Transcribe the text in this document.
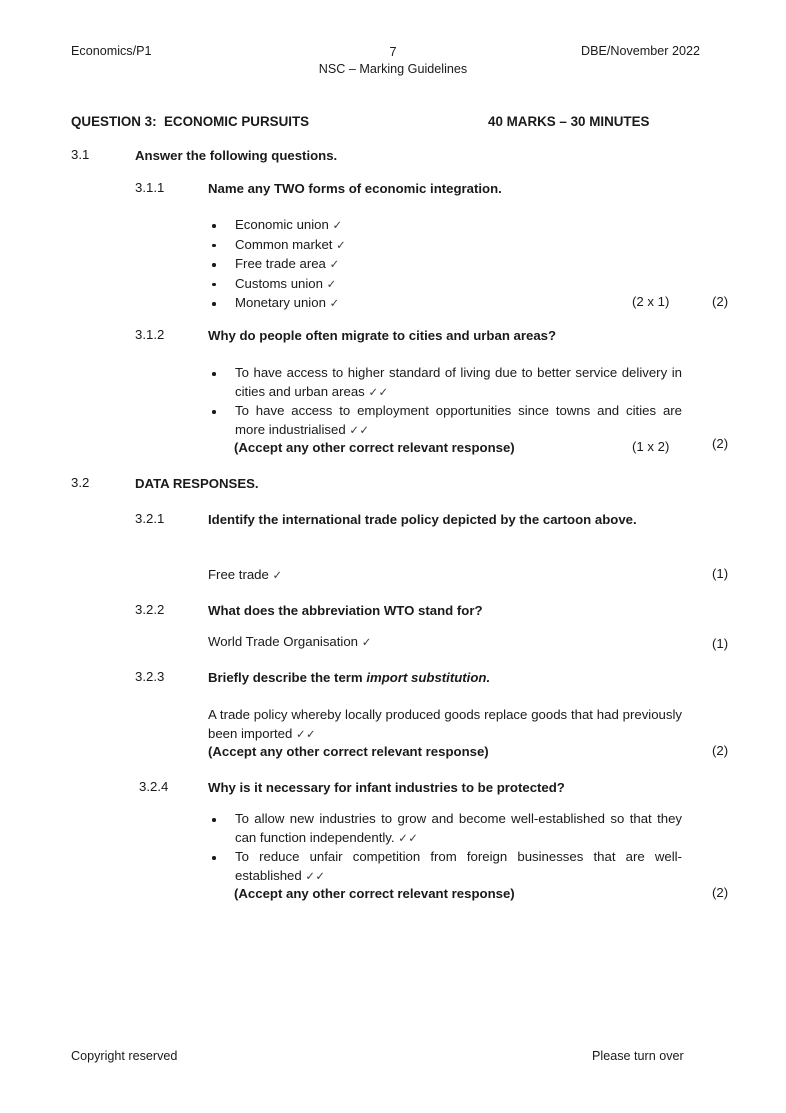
Economics/P1	7
NSC – Marking Guidelines
DBE/November 2022
QUESTION 3:  ECONOMIC PURSUITS	40 MARKS – 30 MINUTES
3.1	Answer the following questions.
3.1.1	Name any TWO forms of economic integration.
Economic union ✓
Common market ✓
Free trade area ✓
Customs union ✓
Monetary union ✓	(2 x 1)	(2)
3.1.2	Why do people often migrate to cities and urban areas?
To have access to higher standard of living due to better service delivery in cities and urban areas ✓✓
To have access to employment opportunities since towns and cities are more industrialised ✓✓
(Accept any other correct relevant response)	(1 x 2)	(2)
3.2	DATA RESPONSES.
3.2.1	Identify the international trade policy depicted by the cartoon above.
Free trade ✓	(1)
3.2.2	What does the abbreviation WTO stand for?
World Trade Organisation ✓	(1)
3.2.3	Briefly describe the term import substitution.
A trade policy whereby locally produced goods replace goods that had previously been imported ✓✓
(Accept any other correct relevant response)	(2)
3.2.4	Why is it necessary for infant industries to be protected?
To allow new industries to grow and become well-established so that they can function independently. ✓✓
To reduce unfair competition from foreign businesses that are well-established ✓✓
(Accept any other correct relevant response)	(2)
Copyright reserved	Please turn over
